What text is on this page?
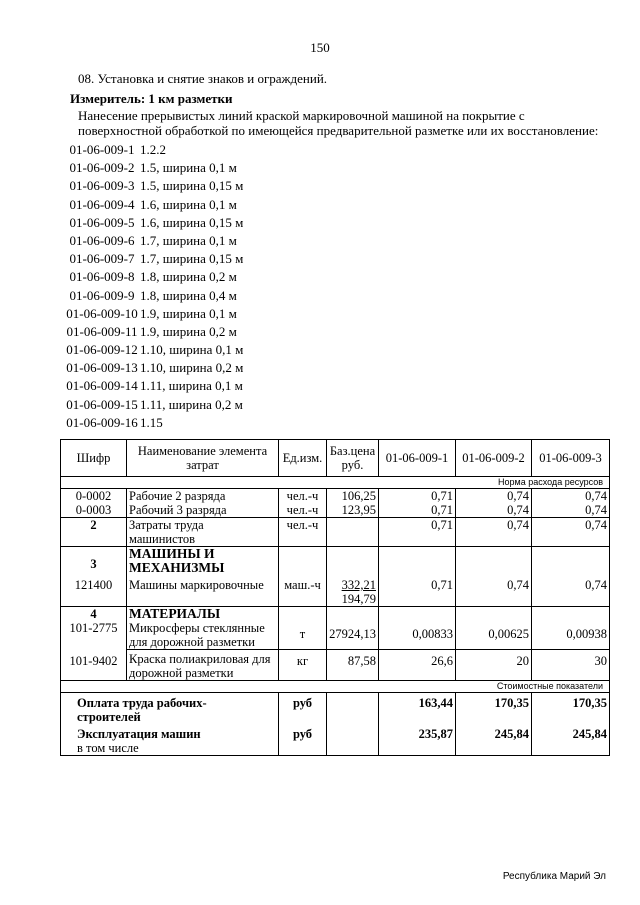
150
08. Установка и снятие знаков и ограждений.
Измеритель: 1 км разметки
Нанесение прерывистых линий краской маркировочной машиной на покрытие с
поверхностной обработкой по имеющейся предварительной разметке или их восстановление:
01-06-009-1 1.2.2
01-06-009-2 1.5, ширина 0,1 м
01-06-009-3 1.5, ширина 0,15 м
01-06-009-4 1.6, ширина 0,1 м
01-06-009-5 1.6, ширина 0,15 м
01-06-009-6 1.7, ширина 0,1 м
01-06-009-7 1.7, ширина 0,15 м
01-06-009-8 1.8, ширина 0,2 м
01-06-009-9 1.8, ширина 0,4 м
01-06-009-10 1.9, ширина 0,1 м
01-06-009-11 1.9, ширина 0,2 м
01-06-009-12 1.10, ширина 0,1 м
01-06-009-13 1.10, ширина 0,2 м
01-06-009-14 1.11, ширина 0,1 м
01-06-009-15 1.11, ширина 0,2 м
01-06-009-16 1.15
Шифр	Наименование элемента затрат	Ед.изм.	Баз.цена руб.	01-06-009-1	01-06-009-2	01-06-009-3
Норма расхода ресурсов						
0-0002	Рабочие 2 разряда	чел.-ч	106,25	0,71	0,74	0,74
0-0003	Рабочий 3 разряда	чел.-ч	123,95	0,71	0,74	0,74
2	Затраты труда
машинистов	чел.-ч		0,71	0,74	0,74
3	МАШИНЫ И
МЕХАНИЗМЫ					

121400	Машины маркировочные	маш.-ч	332,21
194,79	0,71	0,74	0,74
4	МАТЕРИАЛЫ					
101-2775	Микросферы стеклянные
для дорожной разметки	т	27924,13	0,00833	0,00625	0,00938
101-9402	Краска полиакриловая для
дорожной разметки	кг	87,58	26,6	20	30
Стоимостные показатели						

Оплата труда рабочих-
строителей		руб		163,44	170,35	170,35

Эксплуатация машин
в том числе		руб		235,87	245,84	245,84
Республика Марий Эл
